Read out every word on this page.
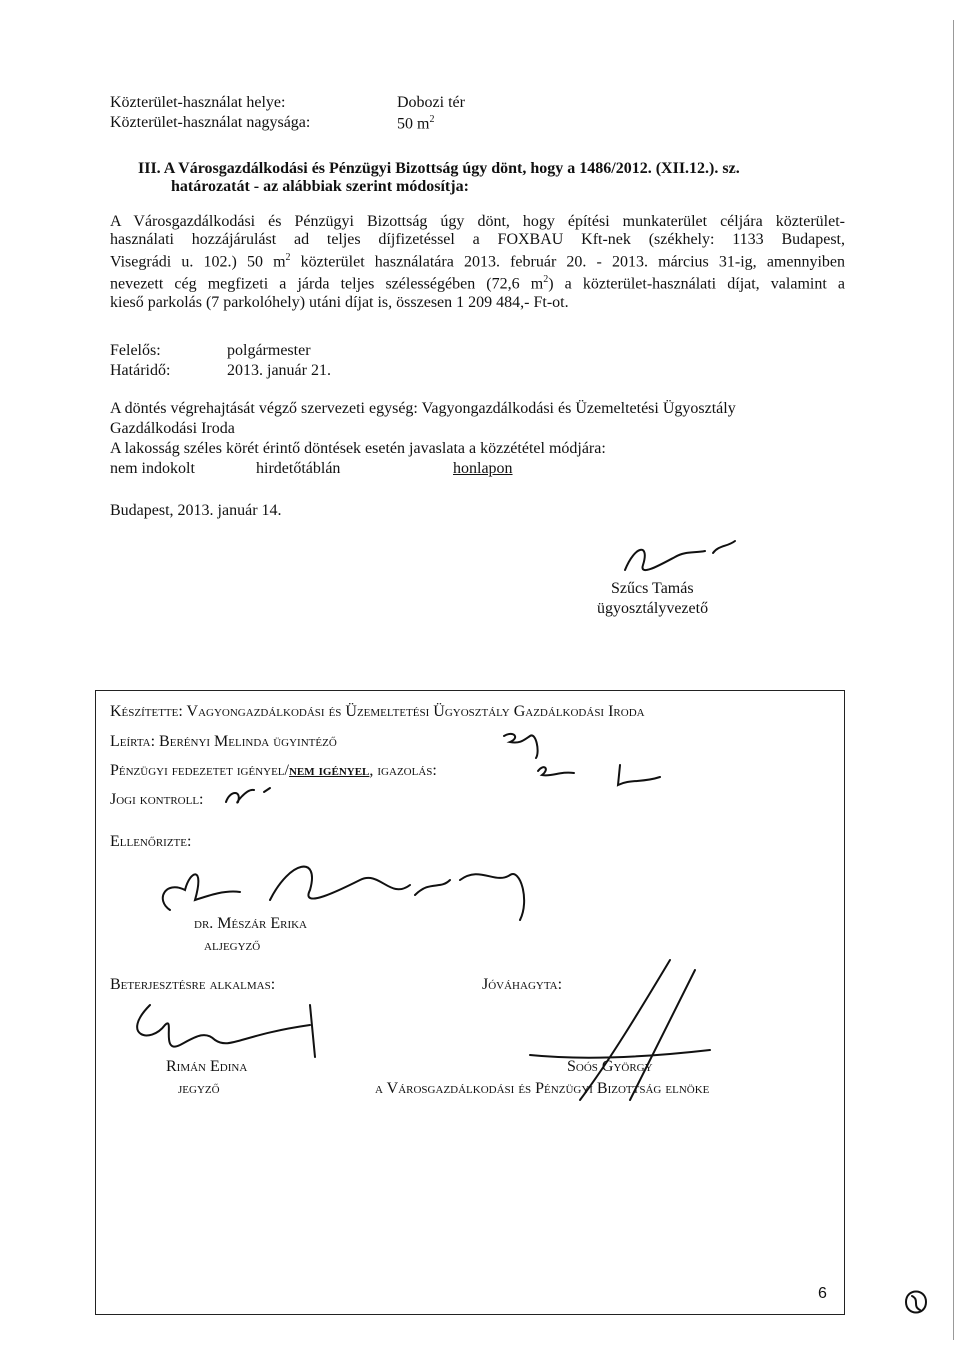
Közterület-használat helye:	Dobozi tér
Közterület-használat nagysága:	50 $m^2$
III. A Városgazdálkodási és Pénzügyi Bizottság úgy dönt, hogy a 1486/2012. (XII.12.). sz.
határozatát - az alábbiak szerint módosítja:
A Városgazdálkodási és Pénzügyi Bizottság úgy dönt, hogy építési munkaterület céljára közterület-
használati hozzájárulást ad teljes díjfizetéssel a FOXBAU Kft-nek (székhely: 1133 Budapest,
Visegrádi u. 102.) 50 $m^2$ közterület használatára 2013. február 20. - 2013. március 31-ig, amennyiben
nevezett cég megfizeti a járda teljes szélességében (72,6 $m^2$) a közterület-használati díjat, valamint a
kieső parkolás (7 parkolóhely) utáni díjat is, összesen 1 209 484,- Ft-ot.
Felelős:	polgármester
Határidő:	2013. január 21.
A döntés végrehajtását végző szervezeti egység: Vagyongazdálkodási és Üzemeltetési Ügyosztály
Gazdálkodási Iroda
A lakosság széles körét érintő döntések esetén javaslata a közzététel módjára:
nem indokolt	hirdetőtáblán	honlapon
Budapest, 2013. január 14.
Szűcs Tamás
ügyosztályvezető
Készítette: Vagyongazdálkodási és Üzemeltetési Ügyosztály Gazdálkodási Iroda
Leírta: Berényi Melinda ügyintéző
Pénzügyi fedezetet igényel/nem igényel, igazolás:
Jogi kontroll:
Ellenőrizte:
dr. Mészár Erika
aljegyző
Beterjesztésre alkalmas:	Jóváhagyta:
Rimán Edina
jegyző
Soós György
a Városgazdálkodási és Pénzügyi Bizottság elnöke
6
